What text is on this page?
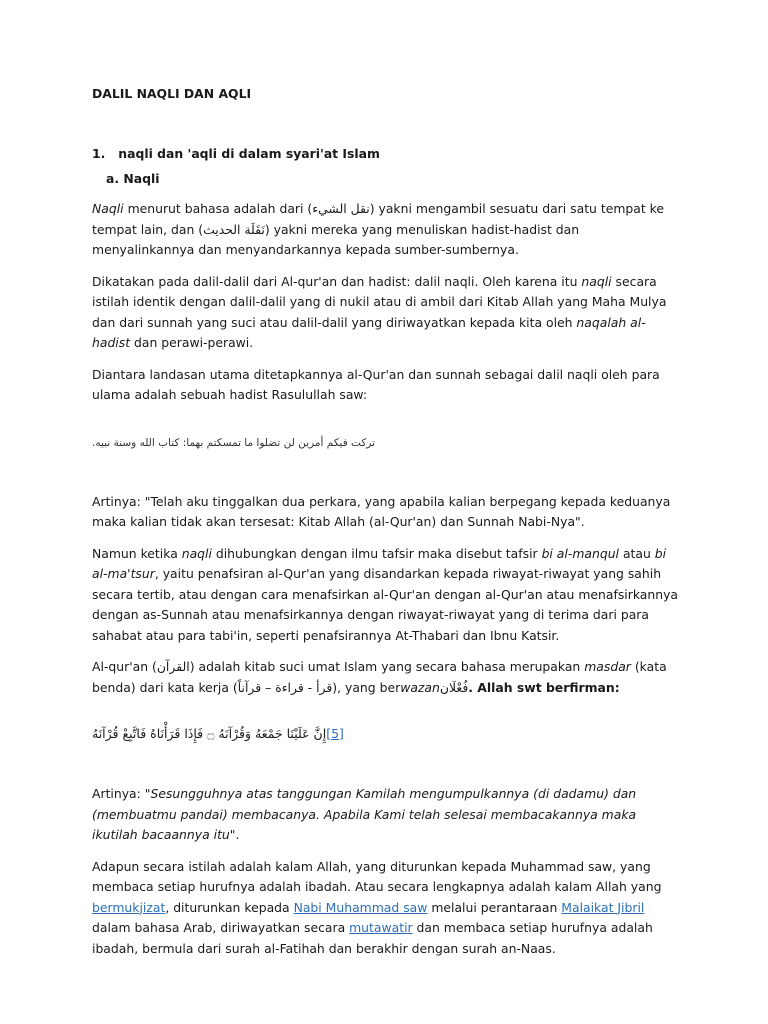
DALIL NAQLI DAN AQLI
1. naqli dan 'aqli di dalam syari'at Islam
a. Naqli

Naqli menurut bahasa adalah dari (نقل الشيء) yakni mengambil sesuatu dari satu tempat ke tempat lain, dan (نَقَلَة الحديث) yakni mereka yang menuliskan hadist-hadist dan menyalinkannya dan menyandarkannya kepada sumber-sumbernya.

Dikatakan pada dalil-dalil dari Al-qur'an dan hadist: dalil naqli. Oleh karena itu naqli secara istilah identik dengan dalil-dalil yang di nukil atau di ambil dari Kitab Allah yang Maha Mulya dan dari sunnah yang suci atau dalil-dalil yang diriwayatkan kepada kita oleh naqalah al-hadist dan perawi-perawi.

Diantara landasan utama ditetapkannya al-Qur'an dan sunnah sebagai dalil naqli oleh para ulama adalah sebuah hadist Rasulullah saw:

تركت فيكم أمرين لن تضلوا ما تمسكتم بهما: كتاب الله وسنة نبيه.

Artinya: "Telah aku tinggalkan dua perkara, yang apabila kalian berpegang kepada keduanya maka kalian tidak akan tersesat: Kitab Allah (al-Qur'an) dan Sunnah Nabi-Nya".

Namun ketika naqli dihubungkan dengan ilmu tafsir maka disebut tafsir bi al-manqul atau bi al-ma'tsur, yaitu penafsiran al-Qur'an yang disandarkan kepada riwayat-riwayat yang sahih secara tertib, atau dengan cara menafsirkan al-Qur'an dengan al-Qur'an atau menafsirkannya dengan as-Sunnah atau menafsirkannya dengan riwayat-riwayat yang di terima dari para sahabat atau para tabi'in, seperti penafsirannya At-Thabari dan Ibnu Katsir.

Al-qur'an (القرآن) adalah kitab suci umat Islam yang secara bahasa merupakan masdar (kata benda) dari kata kerja (قرأ - قراءة – قرآناً), yang berwazanفُعْلَان. Allah swt berfirman:

إِنَّ عَلَيْنَا جَمْعَهُ وَقُرْآنَهُ ۝ فَإِذَا قَرَأْنَاهُ فَاتَّبِعْ قُرْآنَهُ[5]

Artinya: "Sesungguhnya atas tanggungan Kamilah mengumpulkannya (di dadamu) dan (membuatmu pandai) membacanya. Apabila Kami telah selesai membacakannya maka ikutilah bacaannya itu".

Adapun secara istilah adalah kalam Allah, yang diturunkan kepada Muhammad saw, yang membaca setiap hurufnya adalah ibadah. Atau secara lengkapnya adalah kalam Allah yang bermukjizat, diturunkan kepada Nabi Muhammad saw melalui perantaraan Malaikat Jibril dalam bahasa Arab, diriwayatkan secara mutawatir dan membaca setiap hurufnya adalah ibadah, bermula dari surah al-Fatihah dan berakhir dengan surah an-Naas.
